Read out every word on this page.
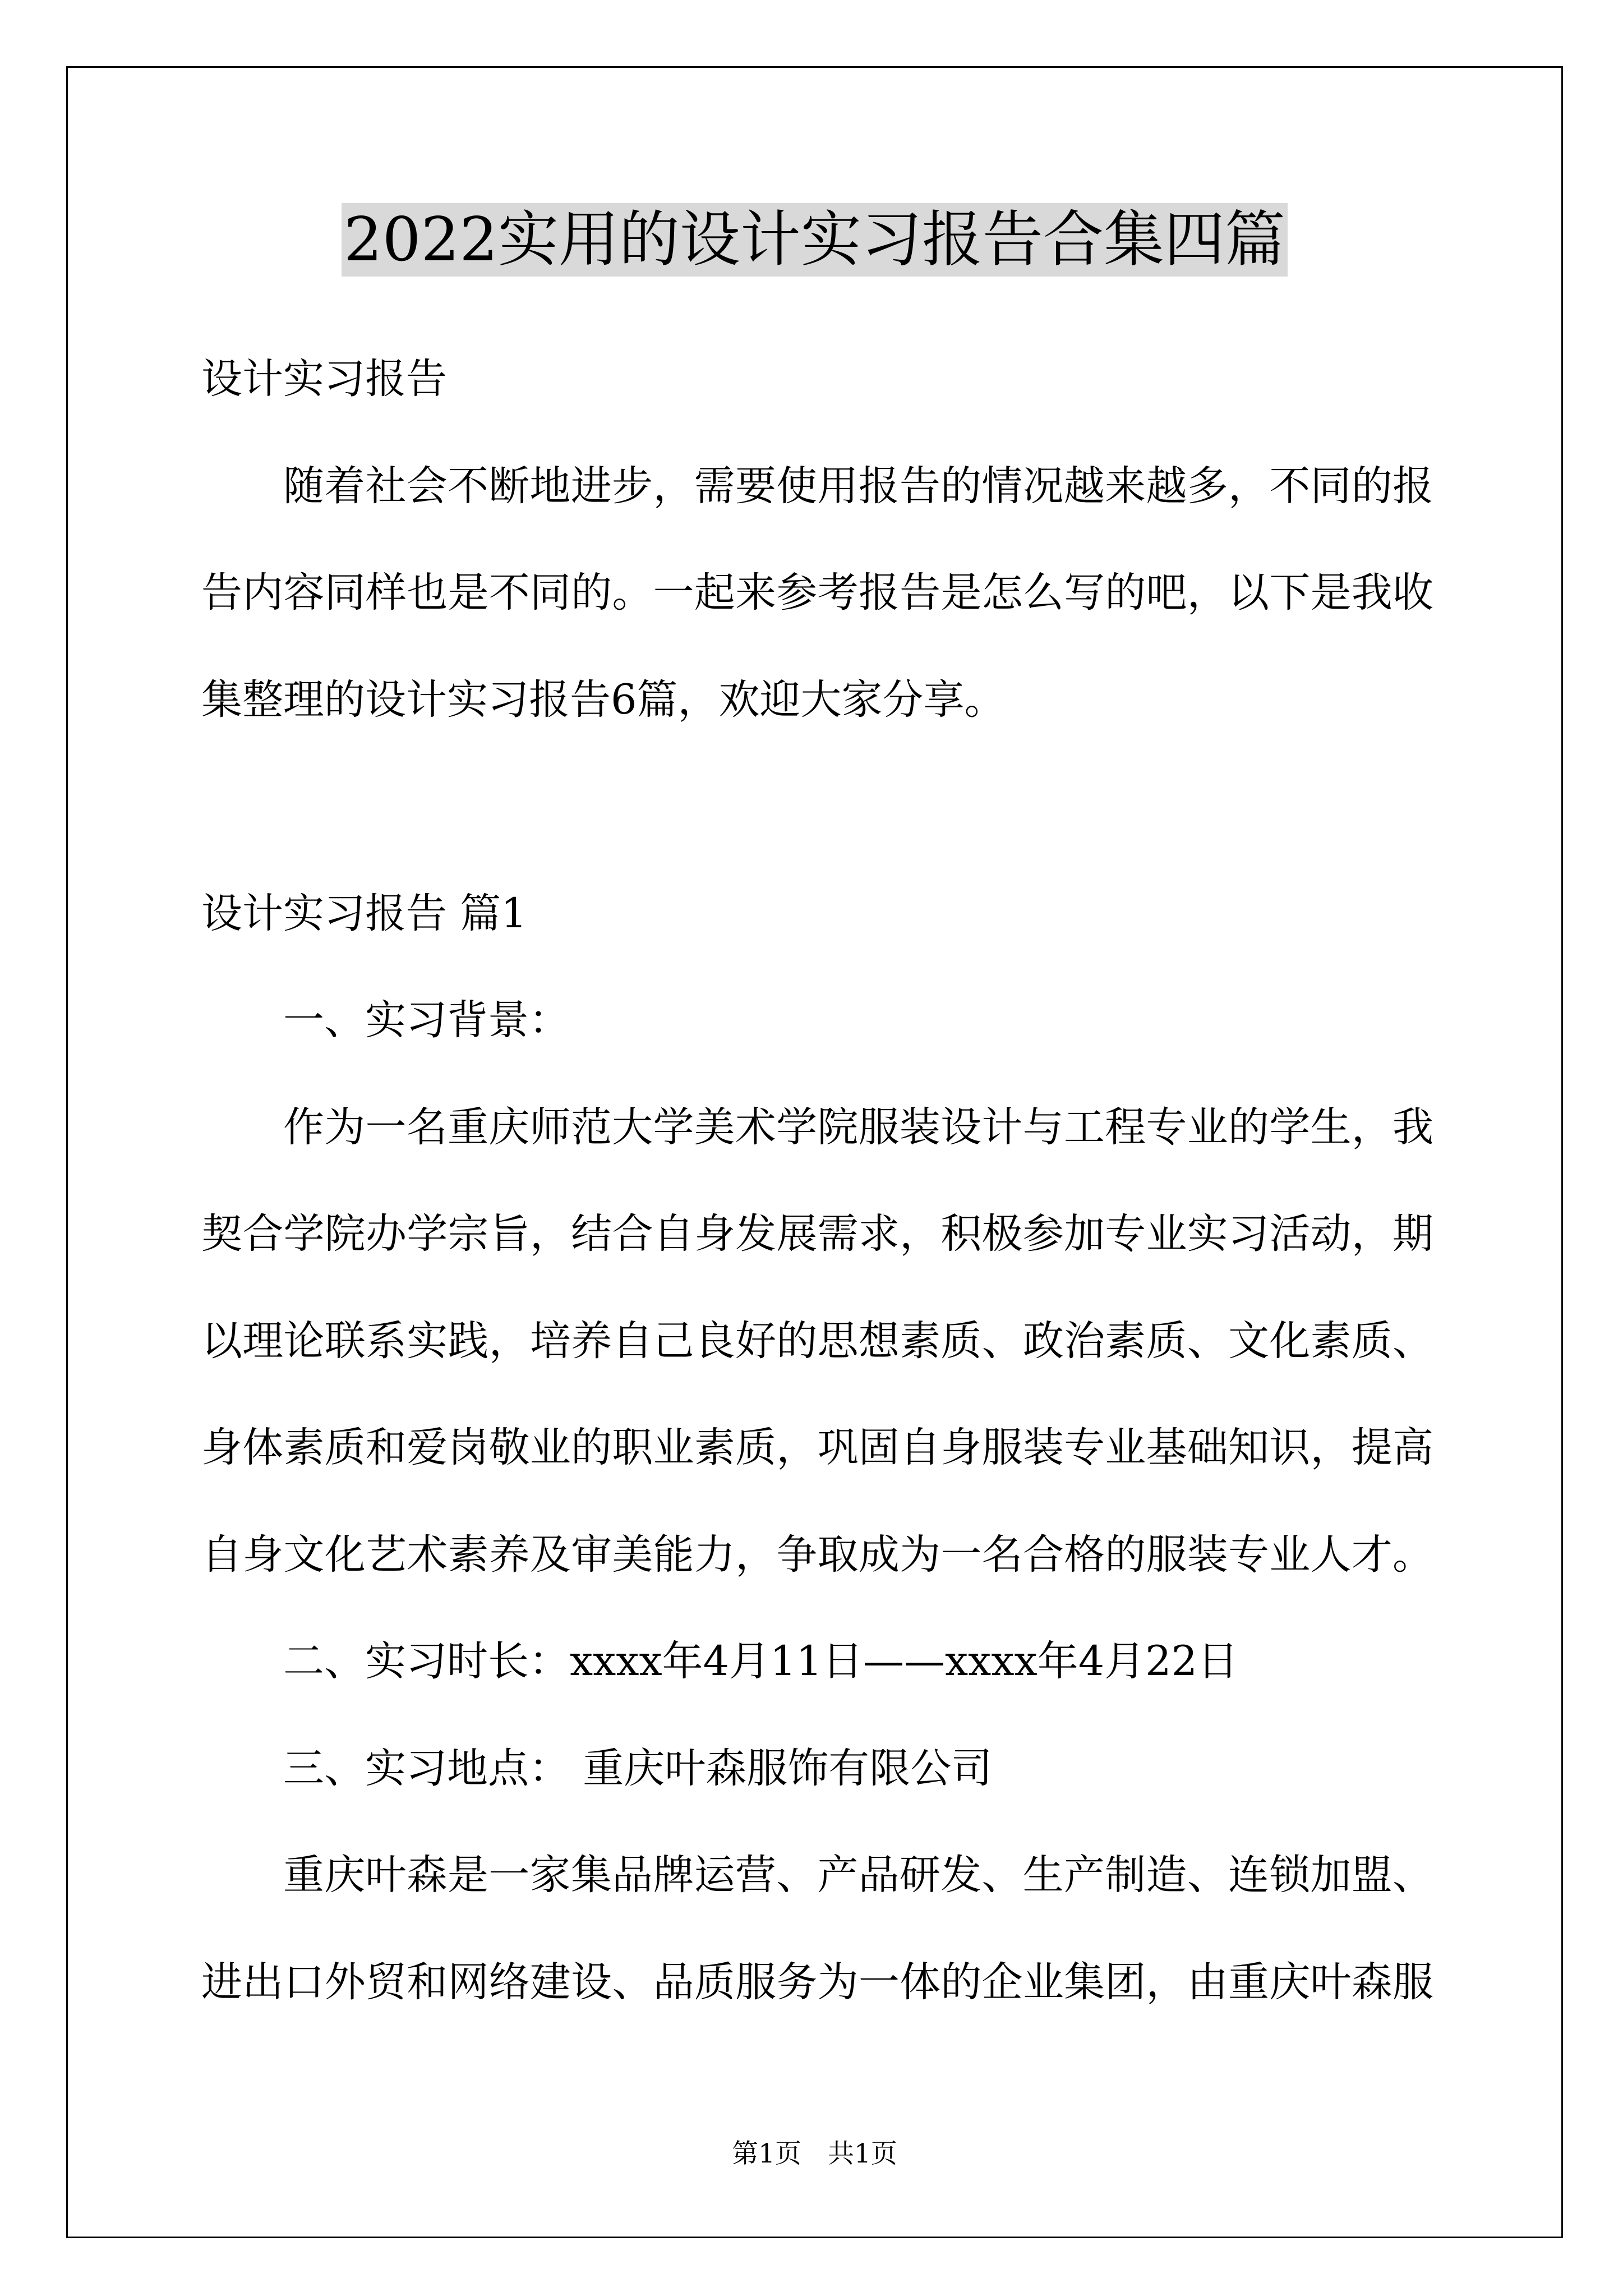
2022实用的设计实习报告合集四篇
设计实习报告
随着社会不断地进步，需要使用报告的情况越来越多，不同的报
告内容同样也是不同的。一起来参考报告是怎么写的吧，以下是我收
集整理的设计实习报告6篇，欢迎大家分享。
设计实习报告 篇1
一、实习背景：
作为一名重庆师范大学美术学院服装设计与工程专业的学生，我
契合学院办学宗旨，结合自身发展需求，积极参加专业实习活动，期
以理论联系实践，培养自己良好的思想素质、政治素质、文化素质、
身体素质和爱岗敬业的职业素质，巩固自身服装专业基础知识，提高
自身文化艺术素养及审美能力，争取成为一名合格的服装专业人才。
二、实习时长：xxxx年4月11日——xxxx年4月22日
三、实习地点： 重庆叶森服饰有限公司
重庆叶森是一家集品牌运营、产品研发、生产制造、连锁加盟、
进出口外贸和网络建设、品质服务为一体的企业集团，由重庆叶森服
第1页 共1页
